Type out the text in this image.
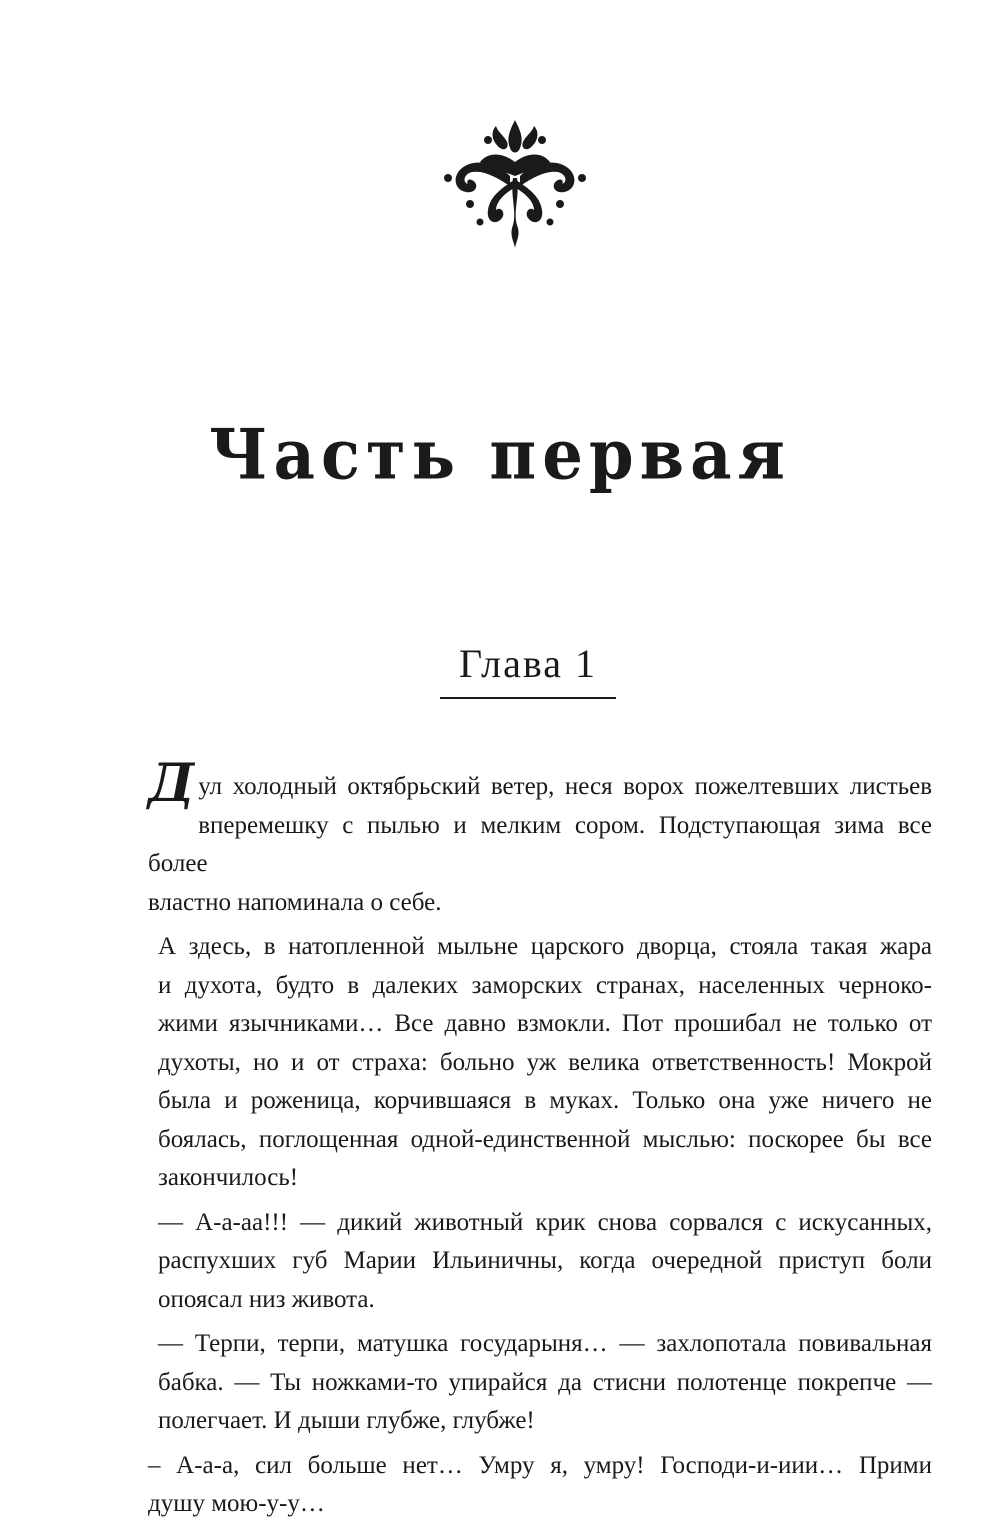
Часть первая
Глава 1
Д ул холодный октябрьский ветер, неся ворох пожелтевших листьев
вперемешку с пылью и мелким сором. Подступающая зима все более
властно напоминала о себе.
А здесь, в натопленной мыльне царского дворца, стояла такая жара
и духота, будто в далеких заморских странах, населенных черноко-
жими язычниками… Все давно взмокли. Пот прошибал не только от
духоты, но и от страха: больно уж велика ответственность! Мокрой
была и роженица, корчившаяся в муках. Только она уже ничего не
боялась, поглощенная одной-единственной мыслью: поскорее бы все
закончилось!
— А-а-аа!!! — дикий животный крик снова сорвался с искусанных,
распухших губ Марии Ильиничны, когда очередной приступ боли
опоясал низ живота.
— Терпи, терпи, матушка государыня… — захлопотала повивальная
бабка. — Ты ножками-то упирайся да стисни полотенце покрепче —
полегчает. И дыши глубже, глубже!
– А-а-а, сил больше нет… Умру я, умру! Господи-и-иии… Прими
душу мою-у-у…
